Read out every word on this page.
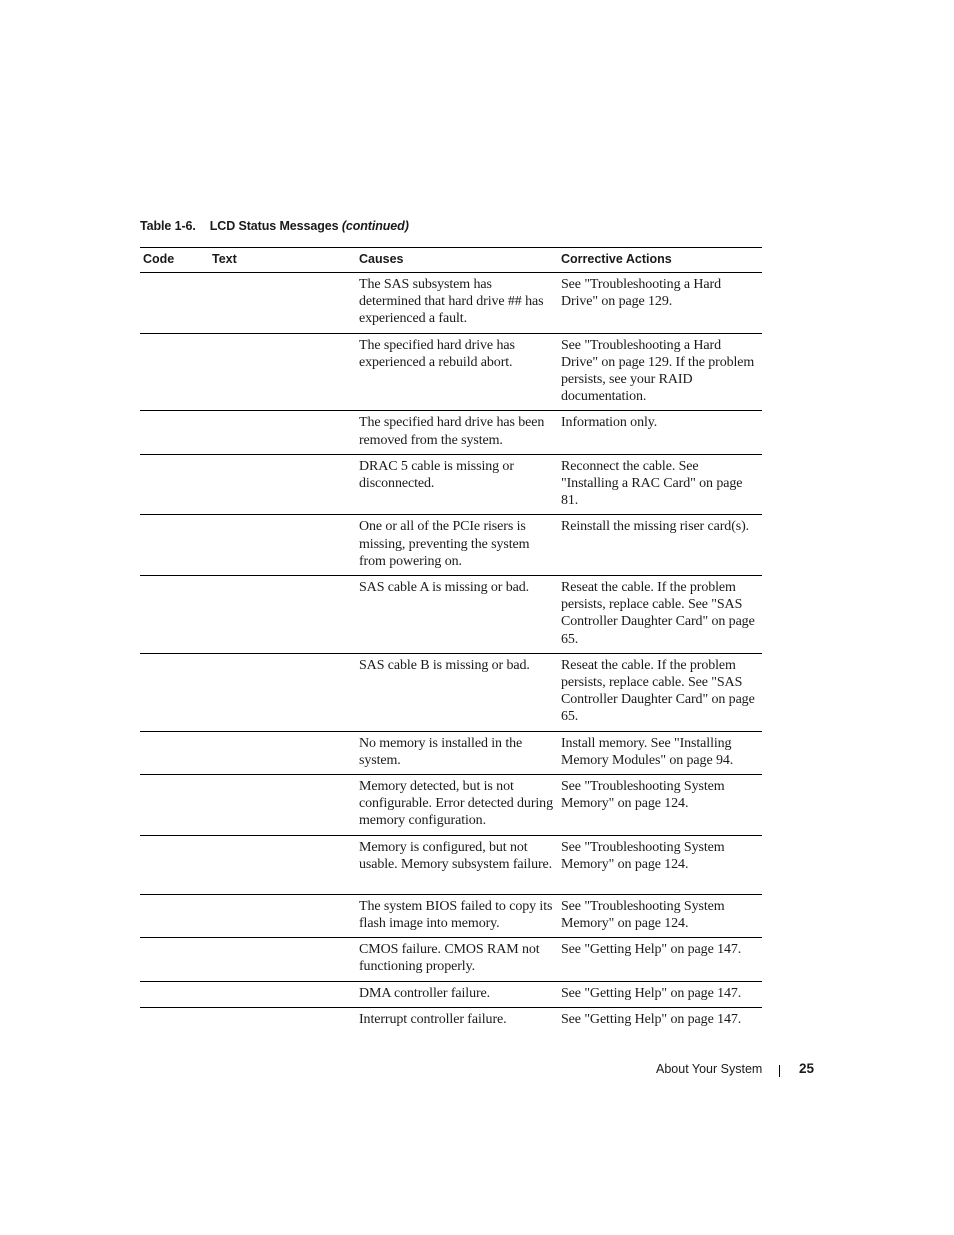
Table 1-6. LCD Status Messages (continued)
Code	Text	Causes	Corrective Actions
		The SAS subsystem has determined that hard drive ## has experienced a fault.	See "Troubleshooting a Hard Drive" on page 129.
		The specified hard drive has experienced a rebuild abort.	See "Troubleshooting a Hard Drive" on page 129. If the problem persists, see your RAID documentation.
		The specified hard drive has been removed from the system.	Information only.
		DRAC 5 cable is missing or disconnected.	Reconnect the cable. See "Installing a RAC Card" on page 81.
		One or all of the PCIe risers is missing, preventing the system from powering on.	Reinstall the missing riser card(s).
		SAS cable A is missing or bad.	Reseat the cable. If the problem persists, replace cable. See "SAS Controller Daughter Card" on page 65.
		SAS cable B is missing or bad.	Reseat the cable. If the problem persists, replace cable. See "SAS Controller Daughter Card" on page 65.
		No memory is installed in the system.	Install memory. See "Installing Memory Modules" on page 94.
		Memory detected, but is not configurable. Error detected during memory configuration.	See "Troubleshooting System Memory" on page 124.
		Memory is configured, but not usable. Memory subsystem failure.	See "Troubleshooting System Memory" on page 124.
		The system BIOS failed to copy its flash image into memory.	See "Troubleshooting System Memory" on page 124.
		CMOS failure. CMOS RAM not functioning properly.	See "Getting Help" on page 147.
		DMA controller failure.	See "Getting Help" on page 147.
		Interrupt controller failure.	See "Getting Help" on page 147.
About Your System	25
